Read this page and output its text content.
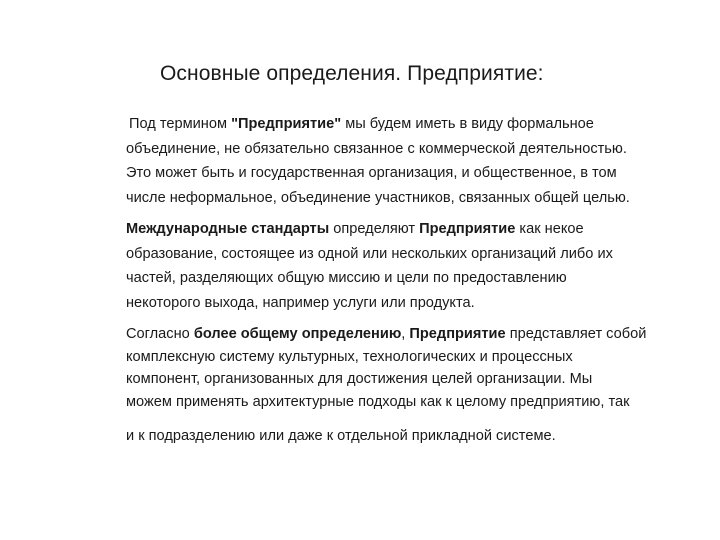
Основные определения. Предприятие:
Под термином "Предприятие" мы будем иметь в виду формальное
объединение, не обязательно связанное с коммерческой деятельностью.
Это может быть и государственная организация, и общественное, в том
числе неформальное, объединение участников, связанных общей целью.
Международные стандарты определяют Предприятие как некое
образование, состоящее из одной или нескольких организаций либо их
частей, разделяющих общую миссию и цели по предоставлению
некоторого выхода, например услуги или продукта.
Согласно более общему определению, Предприятие представляет собой
комплексную систему культурных, технологических и процессных
компонент, организованных для достижения целей организации. Мы
можем применять архитектурные подходы как к целому предприятию, так
и к подразделению или даже к отдельной прикладной системе.
